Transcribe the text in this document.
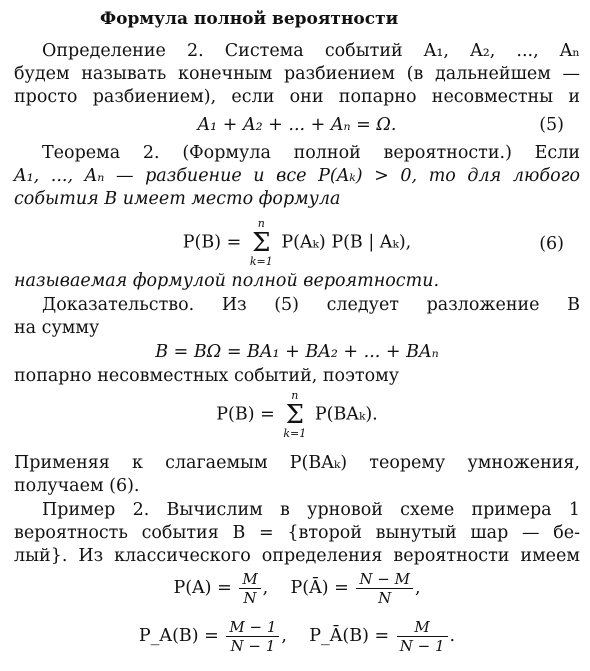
Формула полной вероятности
Определение 2. Система событий A₁, A₂, ..., Aₙ
будем называть конечным разбиением (в дальнейшем —
просто разбиением), если они попарно несовместны и
A₁ + A₂ + ... + Aₙ = Ω.	(5)
Теорема 2. (Формула полной вероятности.) Если
A₁, ..., Aₙ — разбиение и все P(Aₖ) > 0, то для любого
события B имеет место формула
P(B) =
n
Σ
k=1
P(Aₖ) P(B | Aₖ),	(6)
называемая формулой полной вероятности.
Доказательство. Из (5) следует разложение B
на сумму
B = BΩ = BA₁ + BA₂ + ... + BAₙ
попарно несовместных событий, поэтому
P(B) =
n
Σ
k=1
P(BAₖ).
Применяя к слагаемым P(BAₖ) теорему умножения,
получаем (6).
Пример 2. Вычислим в урновой схеме примера 1
вероятность события B = {второй вынутый шар — бе-
лый}. Из классического определения вероятности имеем
$P(A) = \frac{M}{N}$ ,    P(Ā) = $\frac{N - M}{N}$ ,
P_A(B) = $\frac{M - 1}{N - 1}$ ,    P_Ā(B) = $\frac{M}{N - 1}$ .
